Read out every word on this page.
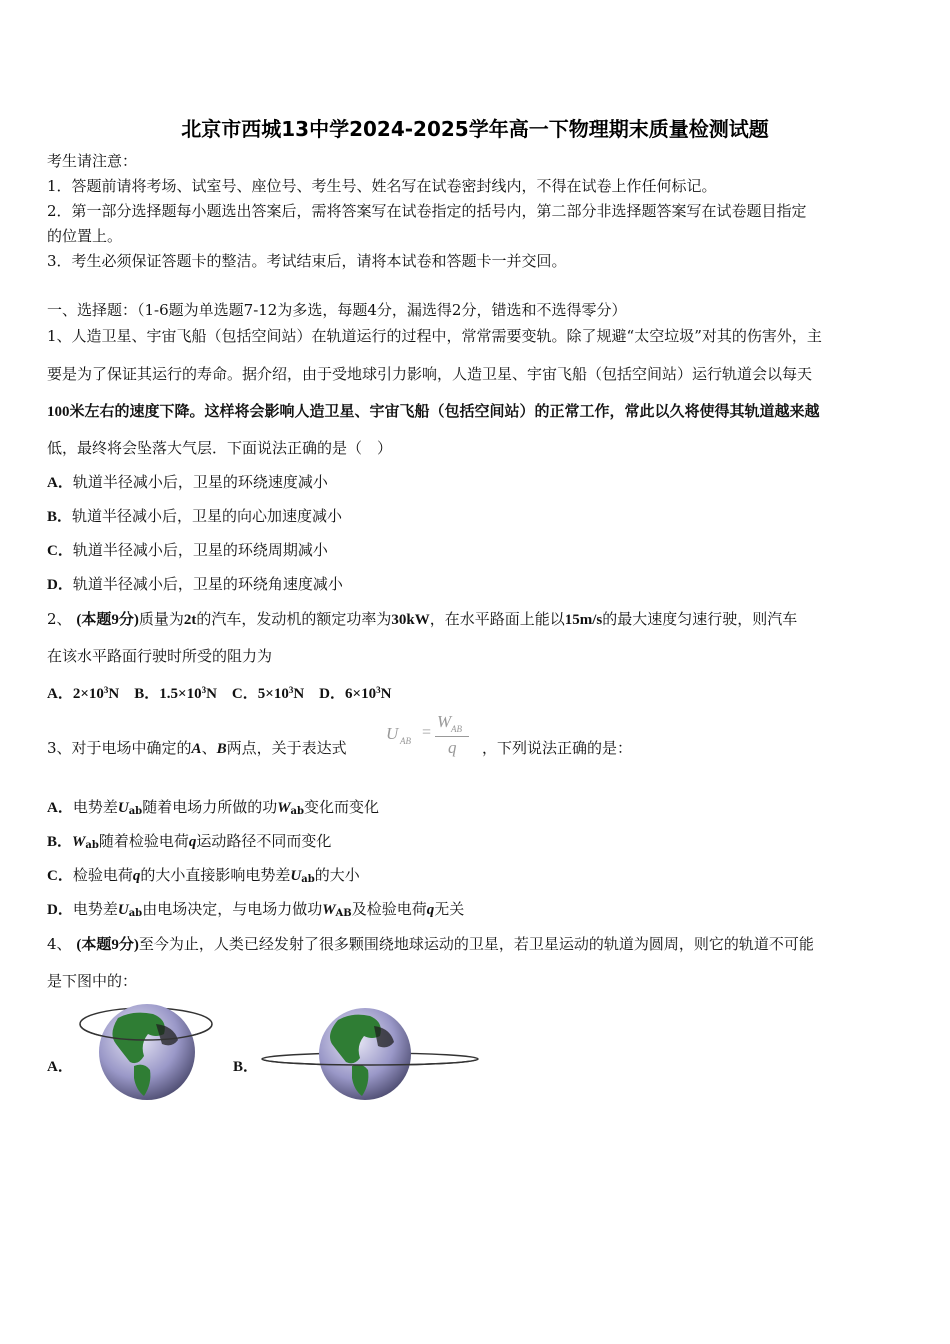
北京市西城13中学2024-2025学年高一下物理期末质量检测试题
考生请注意：
1．答题前请将考场、试室号、座位号、考生号、姓名写在试卷密封线内，不得在试卷上作任何标记。
2．第一部分选择题每小题选出答案后，需将答案写在试卷指定的括号内，第二部分非选择题答案写在试卷题目指定
的位置上。
3．考生必须保证答题卡的整洁。考试结束后，请将本试卷和答题卡一并交回。
一、选择题：（1-6题为单选题7-12为多选，每题4分，漏选得2分，错选和不选得零分）
1、人造卫星、宇宙飞船（包括空间站）在轨道运行的过程中，常常需要变轨。除了规避“太空垃圾”对其的伤害外，主
要是为了保证其运行的寿命。据介绍，由于受地球引力影响，人造卫星、宇宙飞船（包括空间站）运行轨道会以每天
100米左右的速度下降。这样将会影响人造卫星、宇宙飞船（包括空间站）的正常工作，常此以久将使得其轨道越来越
低，最终将会坠落大气层．下面说法正确的是（　）
A．轨道半径减小后，卫星的环绕速度减小
B．轨道半径减小后，卫星的向心加速度减小
C．轨道半径减小后，卫星的环绕周期减小
D．轨道半径减小后，卫星的环绕角速度减小
2、 (本题9分)质量为2t的汽车，发动机的额定功率为30kW，在水平路面上能以15m/s的最大速度匀速行驶，则汽车
在该水平路面行驶时所受的阻力为
A．$2\times 10^3N$ B．$1.5\times 10^3N$ C．$5\times 10^3N$ D．$6\times 10^3N$
3、对于电场中确定的A、B两点，关于表达式
U AB =
W AB
q ，下列说法正确的是：
A．电势差$U_{ab}$随着电场力所做的功$W_{ab}$变化而变化
B．$W_{ab}$随着检验电荷q运动路径不同而变化
C．检验电荷q的大小直接影响电势差$U_{ab}$的大小
D．电势差$U_{ab}$由电场决定，与电场力做功$W_{AB}$及检验电荷q无关
4、 (本题9分)至今为止，人类已经发射了很多颗围绕地球运动的卫星，若卫星运动的轨道为圆周，则它的轨道不可能
是下图中的：
A．	B．
